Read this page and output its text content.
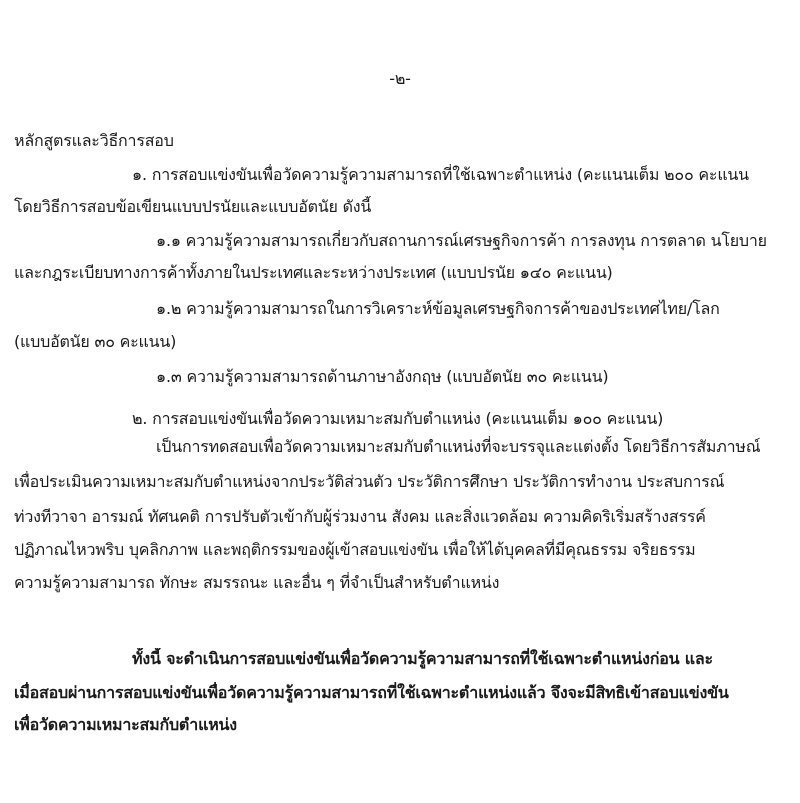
-๒-
หลักสูตรและวิธีการสอบ
๑. การสอบแข่งขันเพื่อวัดความรู้ความสามารถที่ใช้เฉพาะตำแหน่ง (คะแนนเต็ม ๒๐๐ คะแนน
โดยวิธีการสอบข้อเขียนแบบปรนัยและแบบอัตนัย ดังนี้
๑.๑ ความรู้ความสามารถเกี่ยวกับสถานการณ์เศรษฐกิจการค้า การลงทุน การตลาด นโยบาย
และกฎระเบียบทางการค้าทั้งภายในประเทศและระหว่างประเทศ (แบบปรนัย ๑๔๐ คะแนน)
๑.๒ ความรู้ความสามารถในการวิเคราะห์ข้อมูลเศรษฐกิจการค้าของประเทศไทย/โลก
(แบบอัตนัย ๓๐ คะแนน)
๑.๓ ความรู้ความสามารถด้านภาษาอังกฤษ (แบบอัตนัย ๓๐ คะแนน)
๒. การสอบแข่งขันเพื่อวัดความเหมาะสมกับตำแหน่ง (คะแนนเต็ม ๑๐๐ คะแนน)
เป็นการทดสอบเพื่อวัดความเหมาะสมกับตำแหน่งที่จะบรรจุและแต่งตั้ง โดยวิธีการสัมภาษณ์
เพื่อประเมินความเหมาะสมกับตำแหน่งจากประวัติส่วนตัว ประวัติการศึกษา ประวัติการทำงาน ประสบการณ์
ท่วงทีวาจา อารมณ์ ทัศนคติ การปรับตัวเข้ากับผู้ร่วมงาน สังคม และสิ่งแวดล้อม ความคิดริเริ่มสร้างสรรค์
ปฏิภาณไหวพริบ บุคลิกภาพ และพฤติกรรมของผู้เข้าสอบแข่งขัน เพื่อให้ได้บุคคลที่มีคุณธรรม จริยธรรม
ความรู้ความสามารถ ทักษะ สมรรถนะ และอื่น ๆ ที่จำเป็นสำหรับตำแหน่ง
ทั้งนี้ จะดำเนินการสอบแข่งขันเพื่อวัดความรู้ความสามารถที่ใช้เฉพาะตำแหน่งก่อน และ
เมื่อสอบผ่านการสอบแข่งขันเพื่อวัดความรู้ความสามารถที่ใช้เฉพาะตำแหน่งแล้ว จึงจะมีสิทธิเข้าสอบแข่งขัน
เพื่อวัดความเหมาะสมกับตำแหน่ง
